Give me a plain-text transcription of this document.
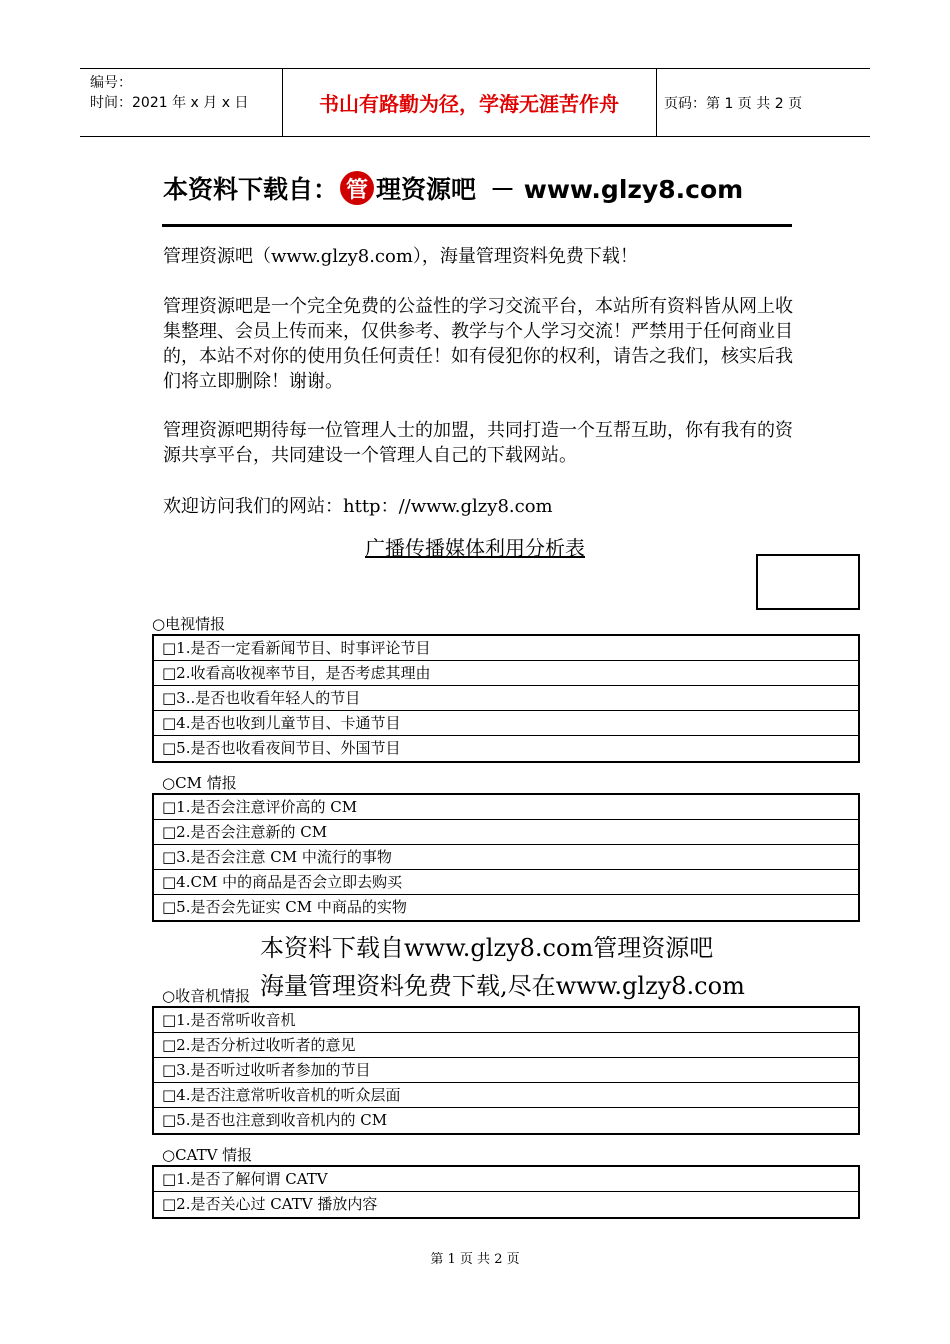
编号：
时间：2021 年 x 月 x 日	书山有路勤为径，学海无涯苦作舟	页码：第 1 页 共 2 页
本资料下载自： 管 理资源吧 － www.glzy8.com
管理资源吧（www.glzy8.com），海量管理资料免费下载！
管理资源吧是一个完全免费的公益性的学习交流平台，本站所有资料皆从网上收集整理、会员上传而来，仅供参考、教学与个人学习交流！严禁用于任何商业目的，本站不对你的使用负任何责任！如有侵犯你的权利，请告之我们，核实后我们将立即删除！谢谢。
管理资源吧期待每一位管理人士的加盟，共同打造一个互帮互助，你有我有的资源共享平台，共同建设一个管理人自己的下载网站。
欢迎访问我们的网站：http：//www.glzy8.com
广播传播媒体利用分析表
○电视情报
□1.是否一定看新闻节目、时事评论节目
□2.收看高收视率节目，是否考虑其理由
□3..是否也收看年轻人的节目
□4.是否也收到儿童节目、卡通节目
□5.是否也收看夜间节目、外国节目
○CM 情报
□1.是否会注意评价高的 CM
□2.是否会注意新的 CM
□3.是否会注意 CM 中流行的事物
□4.CM 中的商品是否会立即去购买
□5.是否会先证实 CM 中商品的实物
本资料下载自www.glzy8.com管理资源吧
海量管理资料免费下载,尽在www.glzy8.com
○收音机情报
□1.是否常听收音机
□2.是否分析过收听者的意见
□3.是否听过收听者参加的节目
□4.是否注意常听收音机的听众层面
□5.是否也注意到收音机内的 CM
○CATV 情报
□1.是否了解何谓 CATV
□2.是否关心过 CATV 播放内容
第 1 页 共 2 页
